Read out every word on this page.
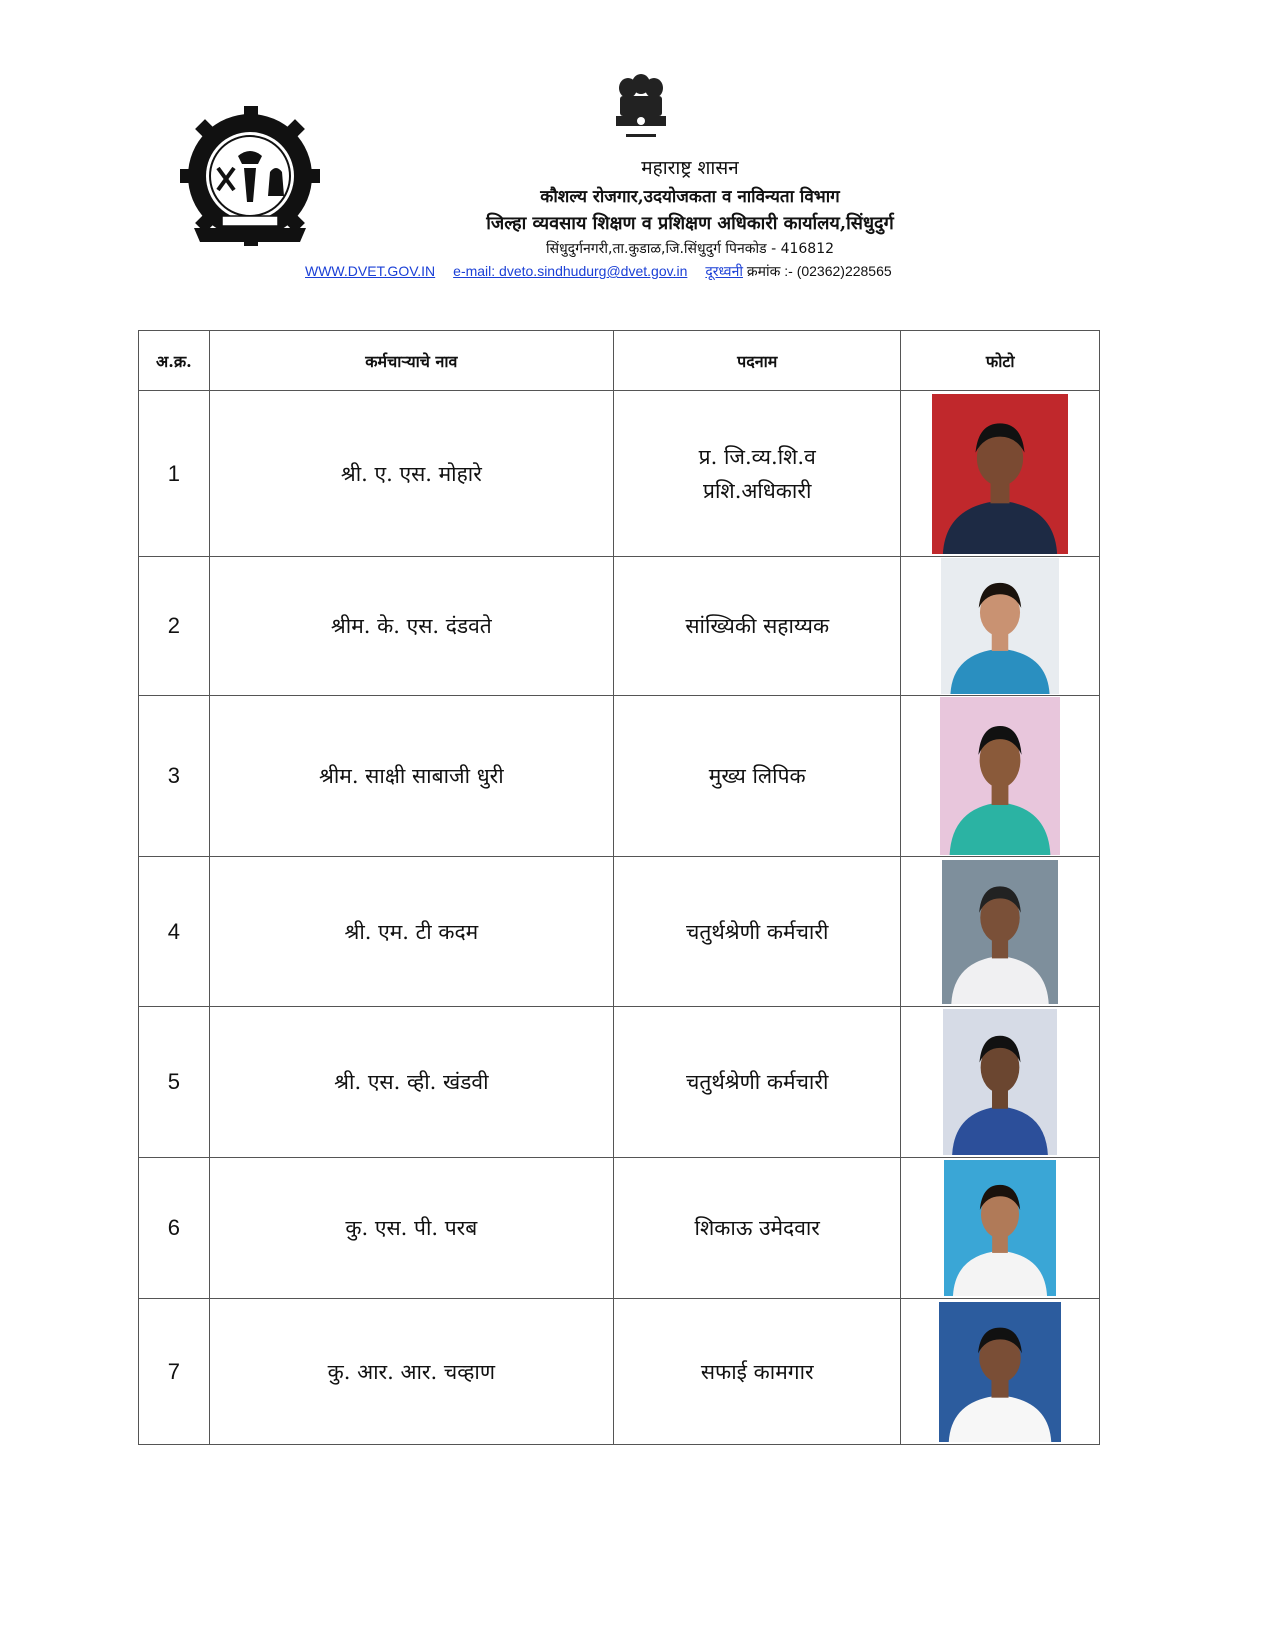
महाराष्ट्र शासन
कौशल्य रोजगार,उदयोजकता व नाविन्यता विभाग
जिल्हा व्यवसाय शिक्षण व प्रशिक्षण अधिकारी कार्यालय,सिंधुदुर्ग
सिंधुदुर्गनगरी,ता.कुडाळ,जि.सिंधुदुर्ग पिनकोड - 416812
WWW.DVET.GOV.IN e-mail: dveto.sindhudurg@dvet.gov.in दूरध्वनी क्रमांक :- (02362)228565
अ.क्र.	कर्मचाऱ्याचे नाव	पदनाम	फोटो
1	श्री. ए. एस. मोहारे	प्र. जि.व्य.शि.व
प्रशि.अधिकारी

2	श्रीम. के. एस. दंडवते	सांख्यिकी सहाय्यक

3	श्रीम. साक्षी साबाजी धुरी	मुख्य लिपिक

4	श्री. एम. टी कदम	चतुर्थश्रेणी कर्मचारी

5	श्री. एस. व्ही. खंडवी	चतुर्थश्रेणी कर्मचारी

6	कु. एस. पी. परब	शिकाऊ उमेदवार

7	कु. आर. आर. चव्हाण	सफाई कामगार
